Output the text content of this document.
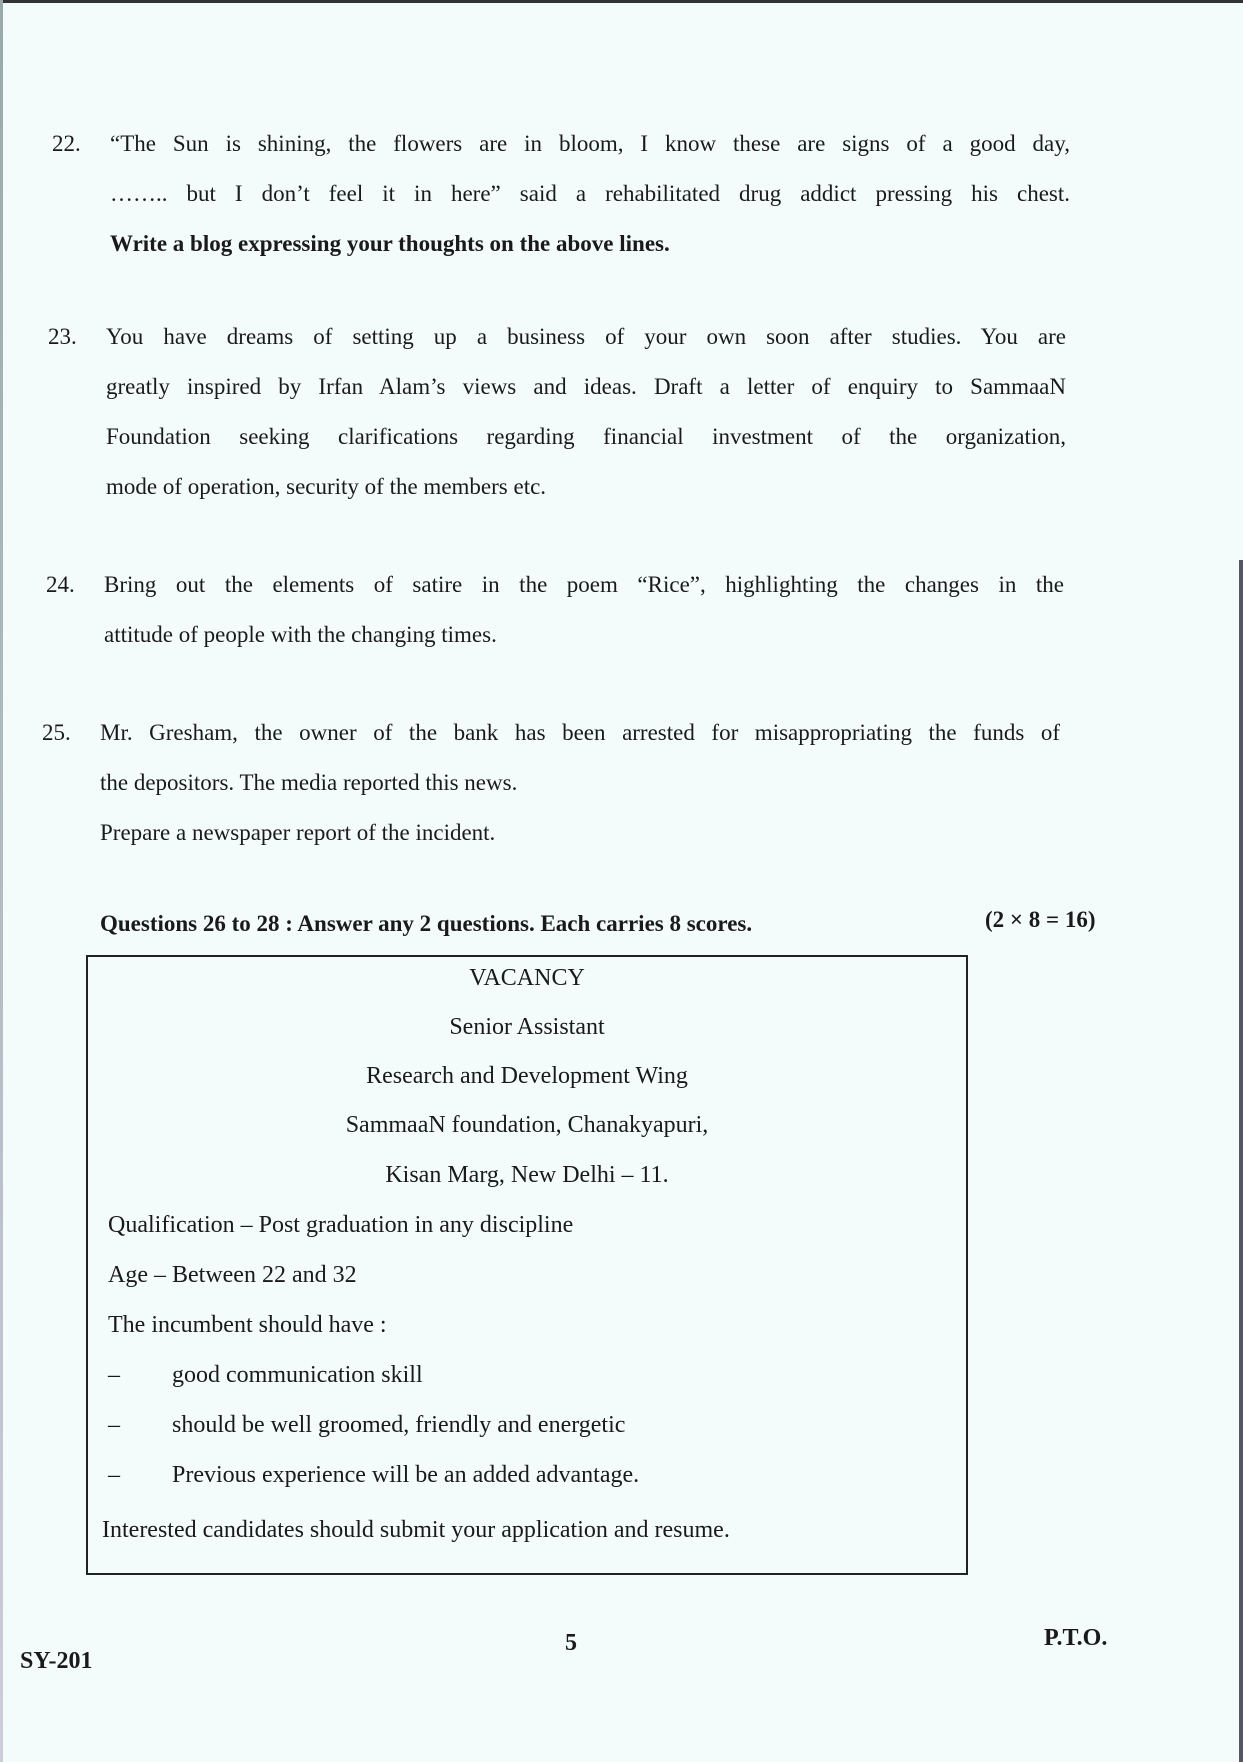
22.	“The Sun is shining, the flowers are in bloom, I know these are signs of a good day,

…….. but I don’t feel it in here” said a rehabilitated drug addict pressing his chest.

Write a blog expressing your thoughts on the above lines.

23.	You have dreams of setting up a business of your own soon after studies. You are

greatly inspired by Irfan Alam’s views and ideas. Draft a letter of enquiry to SammaaN

Foundation seeking clarifications regarding financial investment of the organization,

mode of operation, security of the members etc.

24.	Bring out the elements of satire in the poem “Rice”, highlighting the changes in the

attitude of people with the changing times.

25.	Mr. Gresham, the owner of the bank has been arrested for misappropriating the funds of

the depositors. The media reported this news.

Prepare a newspaper report of the incident.

Questions 26 to 28 : Answer any 2 questions. Each carries 8 scores.	(2 × 8 = 16)
VACANCY
Senior Assistant
Research and Development Wing
SammaaN foundation, Chanakyapuri,
Kisan Marg, New Delhi – 11.
Qualification – Post graduation in any discipline
Age – Between 22 and 32
The incumbent should have :
– good communication skill
– should be well groomed, friendly and energetic
– Previous experience will be an added advantage.
Interested candidates should submit your application and resume.
SY-201
5	P.T.O.
